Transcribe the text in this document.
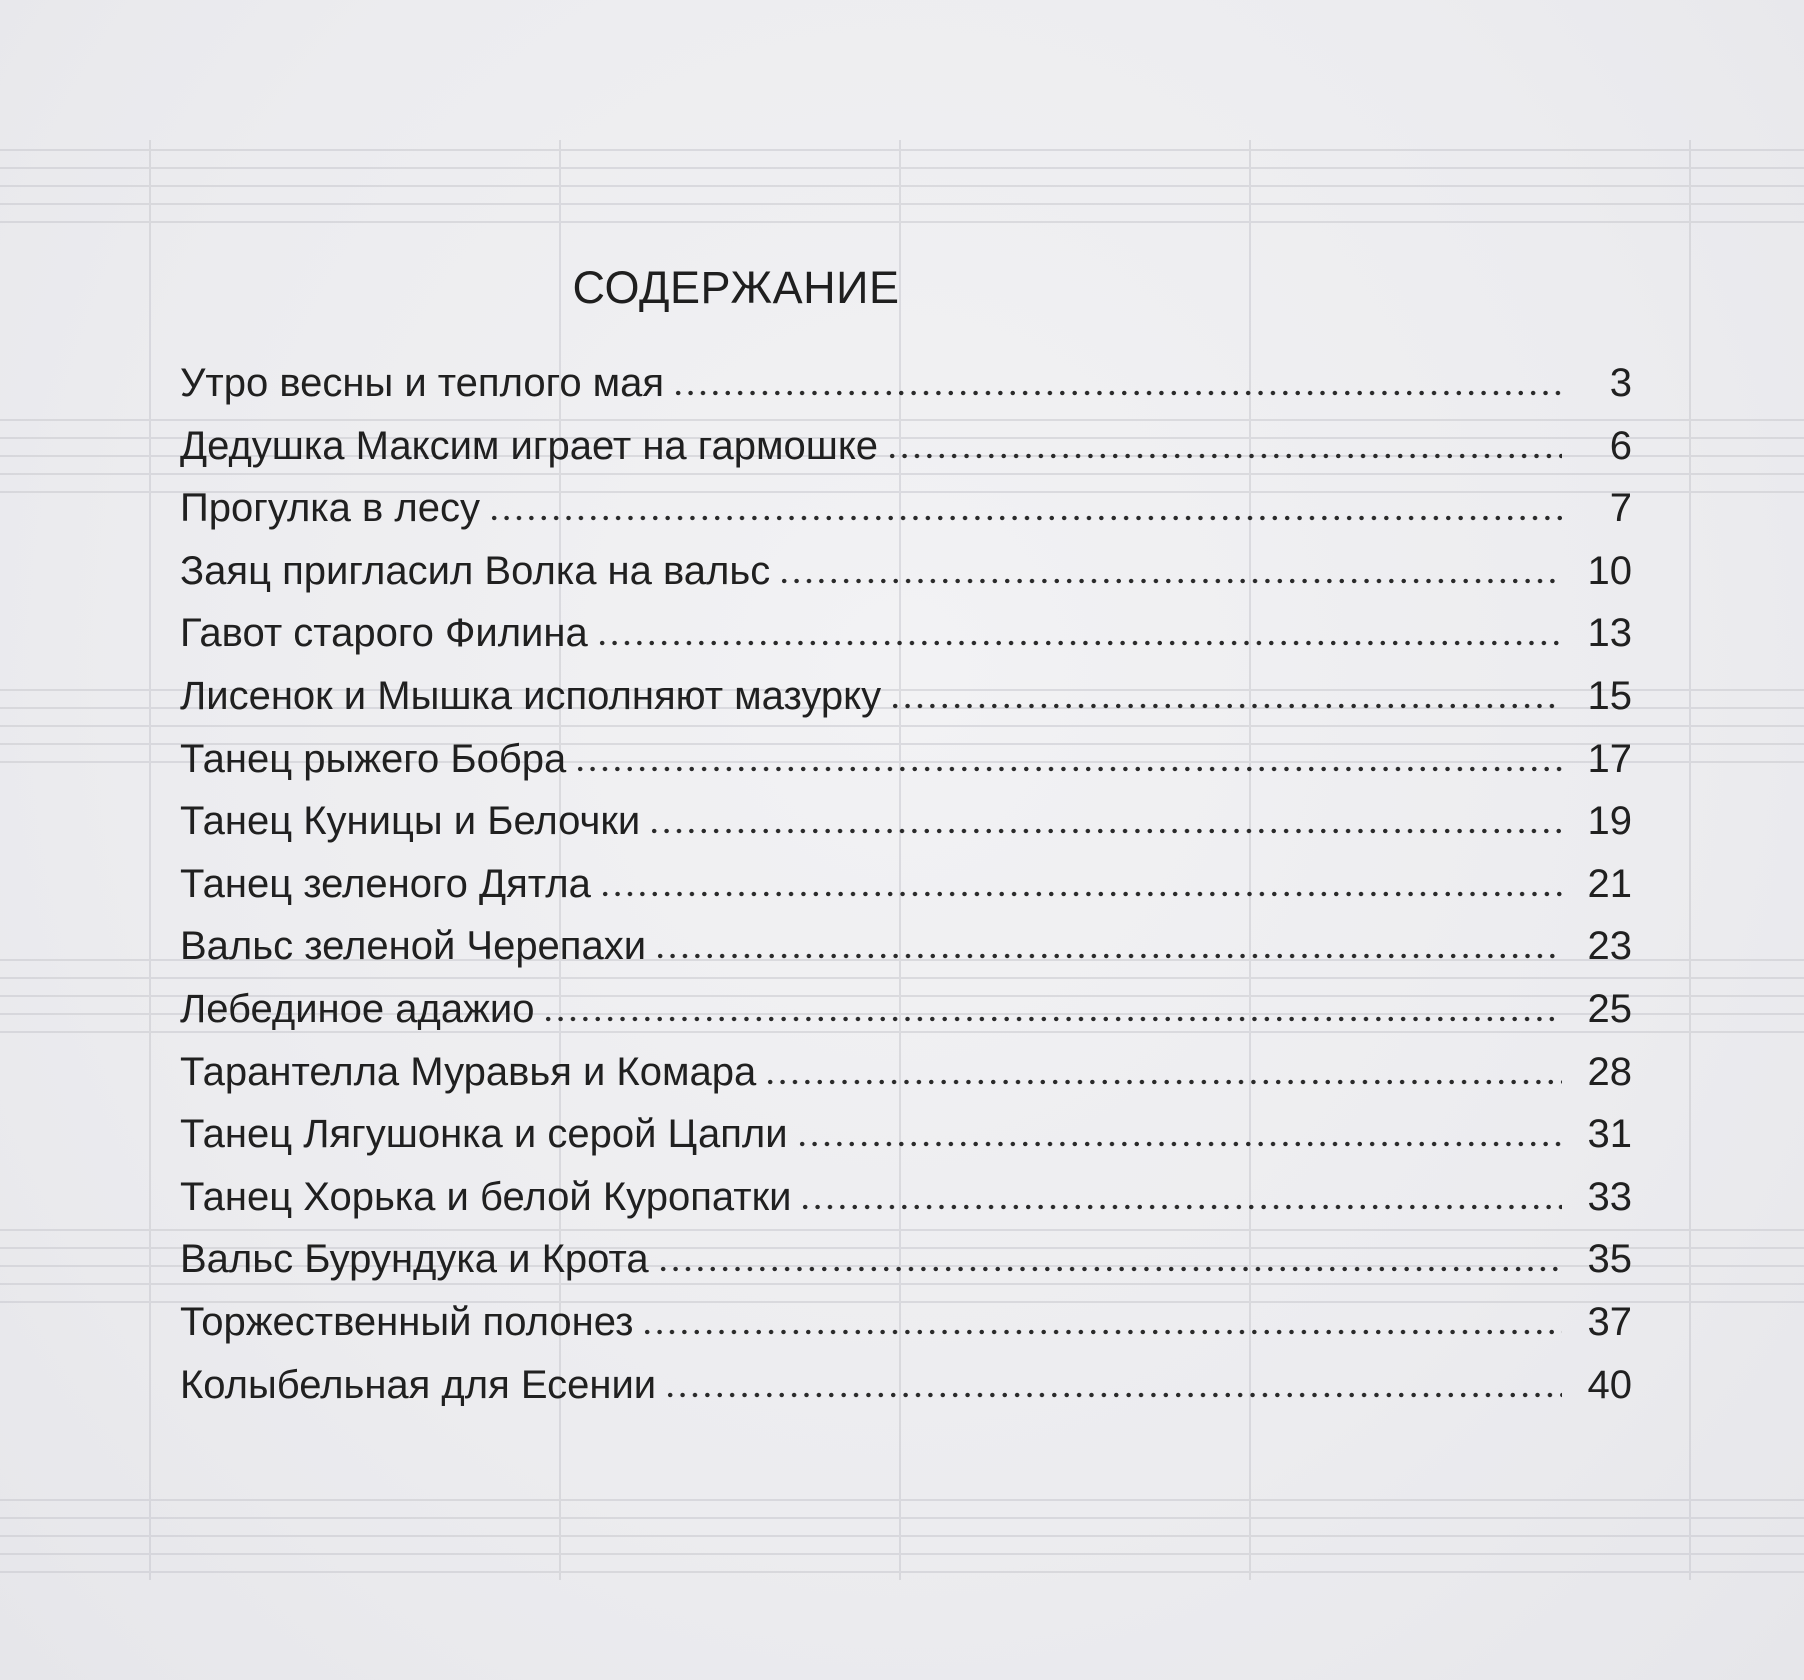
СОДЕРЖАНИЕ
Утро весны и теплого мая	3
Дедушка Максим играет на гармошке	6
Прогулка в лесу	7
Заяц пригласил Волка на вальс	10
Гавот старого Филина	13
Лисенок и Мышка исполняют мазурку	15
Танец рыжего Бобра	17
Танец Куницы и Белочки	19
Танец зеленого Дятла	21
Вальс зеленой Черепахи	23
Лебединое адажио	25
Тарантелла Муравья и Комара	28
Танец Лягушонка и серой Цапли	31
Танец Хорька и белой Куропатки	33
Вальс Бурундука и Крота	35
Торжественный полонез	37
Колыбельная для Есении	40
